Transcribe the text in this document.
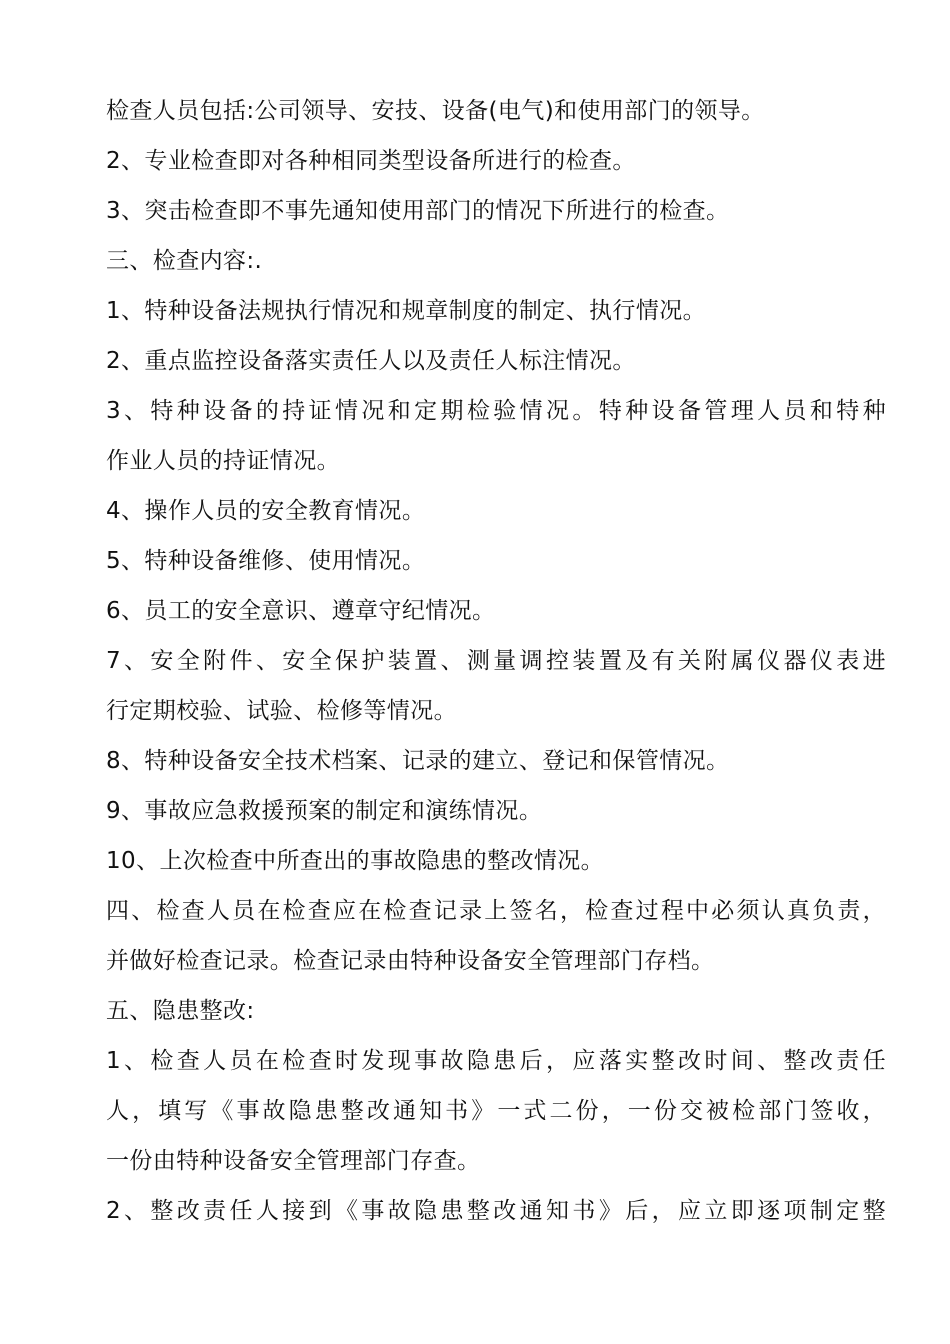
检查人员包括:公司领导、安技、设备(电气)和使用部门的领导。
2、专业检查即对各种相同类型设备所进行的检查。
3、突击检查即不事先通知使用部门的情况下所进行的检查。
三、检查内容:.
1、特种设备法规执行情况和规章制度的制定、执行情况。
2、重点监控设备落实责任人以及责任人标注情况。
3、特种设备的持证情况和定期检验情况。特种设备管理人员和特种
作业人员的持证情况。
4、操作人员的安全教育情况。
5、特种设备维修、使用情况。
6、员工的安全意识、遵章守纪情况。
7、安全附件、安全保护装置、测量调控装置及有关附属仪器仪表进
行定期校验、试验、检修等情况。
8、特种设备安全技术档案、记录的建立、登记和保管情况。
9、事故应急救援预案的制定和演练情况。
10、上次检查中所查出的事故隐患的整改情况。
四、检查人员在检查应在检查记录上签名，检查过程中必须认真负责，
并做好检查记录。检查记录由特种设备安全管理部门存档。
五、隐患整改:
1、检查人员在检查时发现事故隐患后，应落实整改时间、整改责任
人，填写《事故隐患整改通知书》一式二份，一份交被检部门签收，
一份由特种设备安全管理部门存查。
2、整改责任人接到《事故隐患整改通知书》后，应立即逐项制定整
